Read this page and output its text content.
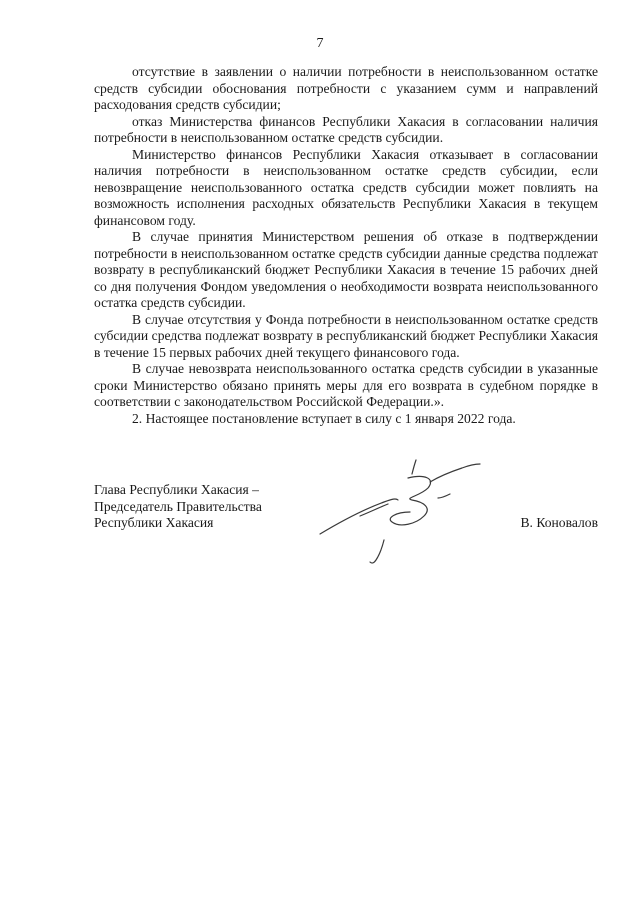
7

отсутствие в заявлении о наличии потребности в неиспользованном остатке средств субсидии обоснования потребности с указанием сумм и направлений расходования средств субсидии;

отказ Министерства финансов Республики Хакасия в согласовании наличия потребности в неиспользованном остатке средств субсидии.

Министерство финансов Республики Хакасия отказывает в согласовании наличия потребности в неиспользованном остатке средств субсидии, если невозвращение неиспользованного остатка средств субсидии может повлиять на возможность исполнения расходных обязательств Республики Хакасия в текущем финансовом году.

В случае принятия Министерством решения об отказе в подтверждении потребности в неиспользованном остатке средств субсидии данные средства подлежат возврату в республиканский бюджет Республики Хакасия в течение 15 рабочих дней со дня получения Фондом уведомления о необходимости возврата неиспользованного остатка средств субсидии.

В случае отсутствия у Фонда потребности в неиспользованном остатке средств субсидии средства подлежат возврату в республиканский бюджет Республики Хакасия в течение 15 первых рабочих дней текущего финансового года.

В случае невозврата неиспользованного остатка средств субсидии в указанные сроки Министерство обязано принять меры для его возврата в судебном порядке в соответствии с законодательством Российской Федерации.».

2. Настоящее постановление вступает в силу с 1 января 2022 года.

Глава Республики Хакасия –
Председатель Правительства
Республики Хакасия	В. Коновалов
